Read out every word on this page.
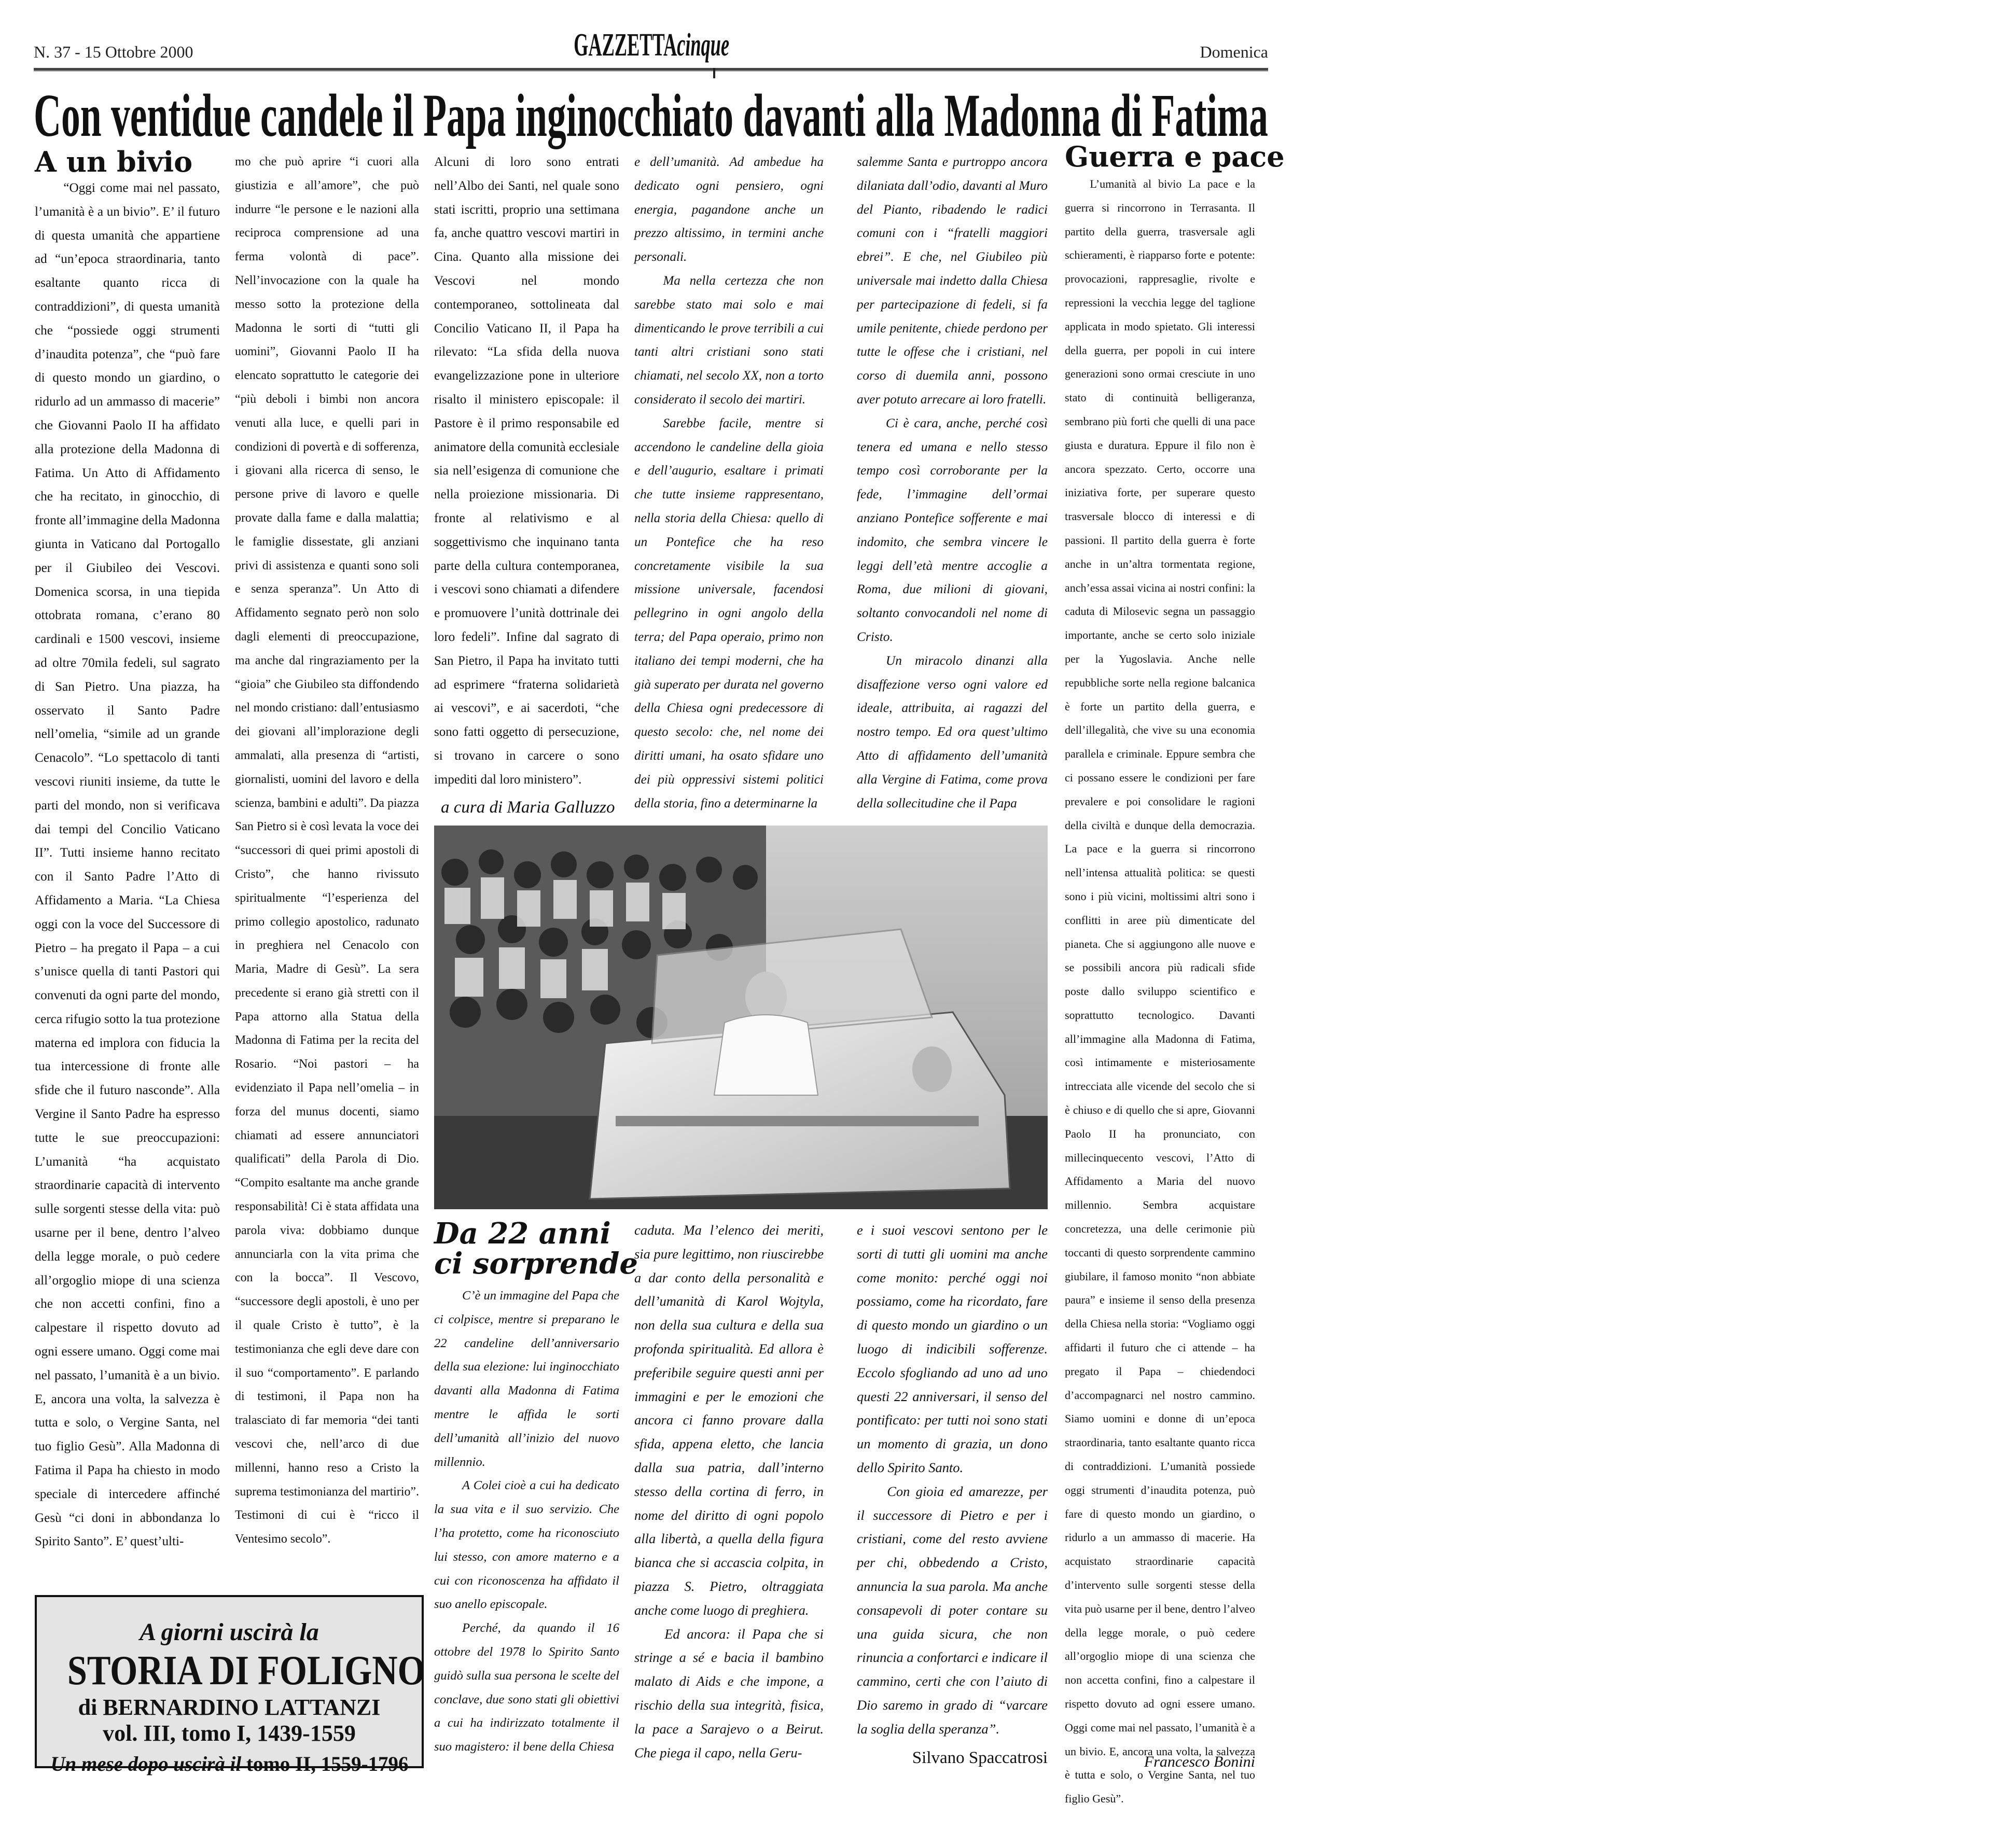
N. 37 - 15 Ottobre 2000	GAZZETTAcinque	Domenica
Con ventidue candele il Papa inginocchiato davanti alla Madonna di Fatima
A un bivio

“Oggi come mai nel passato, l’umanità è a un bivio”. E’ il futuro di questa umanità che appartiene ad “un’epoca straordinaria, tanto esaltante quanto ricca di contraddizioni”, di questa umanità che “possiede oggi strumenti d’inaudita potenza”, che “può fare di questo mondo un giardino, o ridurlo ad un ammasso di macerie” che Giovanni Paolo II ha affidato alla protezione della Madonna di Fatima. Un Atto di Affidamento che ha recitato, in ginocchio, di fronte all’immagine della Madonna giunta in Vaticano dal Portogallo per il Giubileo dei Vescovi. Domenica scorsa, in una tiepida ottobrata romana, c’erano 80 cardinali e 1500 vescovi, insieme ad oltre 70mila fedeli, sul sagrato di San Pietro. Una piazza, ha osservato il Santo Padre nell’omelia, “simile ad un grande Cenacolo”. “Lo spettacolo di tanti vescovi riuniti insieme, da tutte le parti del mondo, non si verificava dai tempi del Concilio Vaticano II”. Tutti insieme hanno recitato con il Santo Padre l’Atto di Affidamento a Maria. “La Chiesa oggi con la voce del Successore di Pietro – ha pregato il Papa – a cui s’unisce quella di tanti Pastori qui convenuti da ogni parte del mondo, cerca rifugio sotto la tua protezione materna ed implora con fiducia la tua intercessione di fronte alle sfide che il futuro nasconde”. Alla Vergine il Santo Padre ha espresso tutte le sue preoccupazioni: L’umanità “ha acquistato straordinarie capacità di intervento sulle sorgenti stesse della vita: può usarne per il bene, dentro l’alveo della legge morale, o può cedere all’orgoglio miope di una scienza che non accetti confini, fino a calpestare il rispetto dovuto ad ogni essere umano. Oggi come mai nel passato, l’umanità è a un bivio. E, ancora una volta, la salvezza è tutta e solo, o Vergine Santa, nel tuo figlio Gesù”. Alla Madonna di Fatima il Papa ha chiesto in modo speciale di intercedere affinché Gesù “ci doni in abbondanza lo Spirito Santo”. E’ quest’ulti-

mo che può aprire “i cuori alla giustizia e all’amore”, che può indurre “le persone e le nazioni alla reciproca comprensione ad una ferma volontà di pace”. Nell’invocazione con la quale ha messo sotto la protezione della Madonna le sorti di “tutti gli uomini”, Giovanni Paolo II ha elencato soprattutto le categorie dei “più deboli i bimbi non ancora venuti alla luce, e quelli pari in condizioni di povertà e di sofferenza, i giovani alla ricerca di senso, le persone prive di lavoro e quelle provate dalla fame e dalla malattia; le famiglie dissestate, gli anziani privi di assistenza e quanti sono soli e senza speranza”. Un Atto di Affidamento segnato però non solo dagli elementi di preoccupazione, ma anche dal ringraziamento per la “gioia” che Giubileo sta diffondendo nel mondo cristiano: dall’entusiasmo dei giovani all’implorazione degli ammalati, alla presenza di “artisti, giornalisti, uomini del lavoro e della scienza, bambini e adulti”. Da piazza San Pietro si è così levata la voce dei “successori di quei primi apostoli di Cristo”, che hanno rivissuto spiritualmente “l’esperienza del primo collegio apostolico, radunato in preghiera nel Cenacolo con Maria, Madre di Gesù”. La sera precedente si erano già stretti con il Papa attorno alla Statua della Madonna di Fatima per la recita del Rosario. “Noi pastori – ha evidenziato il Papa nell’omelia – in forza del munus docenti, siamo chiamati ad essere annunciatori qualificati” della Parola di Dio. “Compito esaltante ma anche grande responsabilità! Ci è stata affidata una parola viva: dobbiamo dunque annunciarla con la vita prima che con la bocca”. Il Vescovo, “successore degli apostoli, è uno per il quale Cristo è tutto”, è la testimonianza che egli deve dare con il suo “comportamento”. E parlando di testimoni, il Papa non ha tralasciato di far memoria “dei tanti vescovi che, nell’arco di due millenni, hanno reso a Cristo la suprema testimonianza del martirio”. Testimoni di cui è “ricco il Ventesimo secolo”.

Alcuni di loro sono entrati nell’Albo dei Santi, nel quale sono stati iscritti, proprio una settimana fa, anche quattro vescovi martiri in Cina. Quanto alla missione dei Vescovi nel mondo contemporaneo, sottolineata dal Concilio Vaticano II, il Papa ha rilevato: “La sfida della nuova evangelizzazione pone in ulteriore risalto il ministero episcopale: il Pastore è il primo responsabile ed animatore della comunità ecclesiale sia nell’esigenza di comunione che nella proiezione missionaria. Di fronte al relativismo e al soggettivismo che inquinano tanta parte della cultura contemporanea, i vescovi sono chiamati a difendere e promuovere l’unità dottrinale dei loro fedeli”. Infine dal sagrato di San Pietro, il Papa ha invitato tutti ad esprimere “fraterna solidarietà ai vescovi”, e ai sacerdoti, “che sono fatti oggetto di persecuzione, si trovano in carcere o sono impediti dal loro ministero”.

a cura di Maria Galluzzo

e dell’umanità. Ad ambedue ha dedicato ogni pensiero, ogni energia, pagandone anche un prezzo altissimo, in termini anche personali.

Ma nella certezza che non sarebbe stato mai solo e mai dimenticando le prove terribili a cui tanti altri cristiani sono stati chiamati, nel secolo XX, non a torto considerato il secolo dei martiri.

Sarebbe facile, mentre si accendono le candeline della gioia e dell’augurio, esaltare i primati che tutte insieme rappresentano, nella storia della Chiesa: quello di un Pontefice che ha reso concretamente visibile la sua missione universale, facendosi pellegrino in ogni angolo della terra; del Papa operaio, primo non italiano dei tempi moderni, che ha già superato per durata nel governo della Chiesa ogni predecessore di questo secolo: che, nel nome dei diritti umani, ha osato sfidare uno dei più oppressivi sistemi politici della storia, fino a determinarne la

salemme Santa e purtroppo ancora dilaniata dall’odio, davanti al Muro del Pianto, ribadendo le radici comuni con i “fratelli maggiori ebrei”. E che, nel Giubileo più universale mai indetto dalla Chiesa per partecipazione di fedeli, si fa umile penitente, chiede perdono per tutte le offese che i cristiani, nel corso di duemila anni, possono aver potuto arrecare ai loro fratelli.

Ci è cara, anche, perché così tenera ed umana e nello stesso tempo così corroborante per la fede, l’immagine dell’ormai anziano Pontefice sofferente e mai indomito, che sembra vincere le leggi dell’età mentre accoglie a Roma, due milioni di giovani, soltanto convocandoli nel nome di Cristo.

Un miracolo dinanzi alla disaffezione verso ogni valore ed ideale, attribuita, ai ragazzi del nostro tempo. Ed ora quest’ultimo Atto di affidamento dell’umanità alla Vergine di Fatima, come prova della sollecitudine che il Papa

Da 22 anni
ci sorprende

C’è un immagine del Papa che ci colpisce, mentre si preparano le 22 candeline dell’anniversario della sua elezione: lui inginocchiato davanti alla Madonna di Fatima mentre le affida le sorti dell’umanità all’inizio del nuovo millennio.

A Colei cioè a cui ha dedicato la sua vita e il suo servizio. Che l’ha protetto, come ha riconosciuto lui stesso, con amore materno e a cui con riconoscenza ha affidato il suo anello episcopale.

Perché, da quando il 16 ottobre del 1978 lo Spirito Santo guidò sulla sua persona le scelte del conclave, due sono stati gli obiettivi a cui ha indirizzato totalmente il suo magistero: il bene della Chiesa

caduta. Ma l’elenco dei meriti, sia pure legittimo, non riuscirebbe a dar conto della personalità e dell’umanità di Karol Wojtyla, non della sua cultura e della sua profonda spiritualità. Ed allora è preferibile seguire questi anni per immagini e per le emozioni che ancora ci fanno provare dalla sfida, appena eletto, che lancia dalla sua patria, dall’interno stesso della cortina di ferro, in nome del diritto di ogni popolo alla libertà, a quella della figura bianca che si accascia colpita, in piazza S. Pietro, oltraggiata anche come luogo di preghiera.

Ed ancora: il Papa che si stringe a sé e bacia il bambino malato di Aids e che impone, a rischio della sua integrità, fisica, la pace a Sarajevo o a Beirut. Che piega il capo, nella Geru-

e i suoi vescovi sentono per le sorti di tutti gli uomini ma anche come monito: perché oggi noi possiamo, come ha ricordato, fare di questo mondo un giardino o un luogo di indicibili sofferenze. Eccolo sfogliando ad uno ad uno questi 22 anniversari, il senso del pontificato: per tutti noi sono stati un momento di grazia, un dono dello Spirito Santo.

Con gioia ed amarezze, per il successore di Pietro e per i cristiani, come del resto avviene per chi, obbedendo a Cristo, annuncia la sua parola. Ma anche consapevoli di poter contare su una guida sicura, che non rinuncia a confortarci e indicare il cammino, certi che con l’aiuto di Dio saremo in grado di “varcare la soglia della speranza”.

Silvano Spaccatrosi
Guerra e pace

L’umanità al bivio La pace e la guerra si rincorrono in Terrasanta. Il partito della guerra, trasversale agli schieramenti, è riapparso forte e potente: provocazioni, rappresaglie, rivolte e repressioni la vecchia legge del taglione applicata in modo spietato. Gli interessi della guerra, per popoli in cui intere generazioni sono ormai cresciute in uno stato di continuità belligeranza, sembrano più forti che quelli di una pace giusta e duratura. Eppure il filo non è ancora spezzato. Certo, occorre una iniziativa forte, per superare questo trasversale blocco di interessi e di passioni. Il partito della guerra è forte anche in un’altra tormentata regione, anch’essa assai vicina ai nostri confini: la caduta di Milosevic segna un passaggio importante, anche se certo solo iniziale per la Yugoslavia. Anche nelle repubbliche sorte nella regione balcanica è forte un partito della guerra, e dell’illegalità, che vive su una economia parallela e criminale. Eppure sembra che ci possano essere le condizioni per fare prevalere e poi consolidare le ragioni della civiltà e dunque della democrazia. La pace e la guerra si rincorrono nell’intensa attualità politica: se questi sono i più vicini, moltissimi altri sono i conflitti in aree più dimenticate del pianeta. Che si aggiungono alle nuove e se possibili ancora più radicali sfide poste dallo sviluppo scientifico e soprattutto tecnologico. Davanti all’immagine alla Madonna di Fatima, così intimamente e misteriosamente intrecciata alle vicende del secolo che si è chiuso e di quello che si apre, Giovanni Paolo II ha pronunciato, con millecinquecento vescovi, l’Atto di Affidamento a Maria del nuovo millennio. Sembra acquistare concretezza, una delle cerimonie più toccanti di questo sorprendente cammino giubilare, il famoso monito “non abbiate paura” e insieme il senso della presenza della Chiesa nella storia: “Vogliamo oggi affidarti il futuro che ci attende – ha pregato il Papa – chiedendoci d’accompagnarci nel nostro cammino. Siamo uomini e donne di un’epoca straordinaria, tanto esaltante quanto ricca di contraddizioni. L’umanità possiede oggi strumenti d’inaudita potenza, può fare di questo mondo un giardino, o ridurlo a un ammasso di macerie. Ha acquistato straordinarie capacità d’intervento sulle sorgenti stesse della vita può usarne per il bene, dentro l’alveo della legge morale, o può cedere all’orgoglio miope di una scienza che non accetta confini, fino a calpestare il rispetto dovuto ad ogni essere umano. Oggi come mai nel passato, l’umanità è a un bivio. E, ancora una volta, la salvezza è tutta e solo, o Vergine Santa, nel tuo figlio Gesù”.

Francesco Bonini
A giorni uscirà la
STORIA DI FOLIGNO
di BERNARDINO LATTANZI
vol. III, tomo I, 1439-1559
Un mese dopo uscirà il tomo II, 1559-1796
